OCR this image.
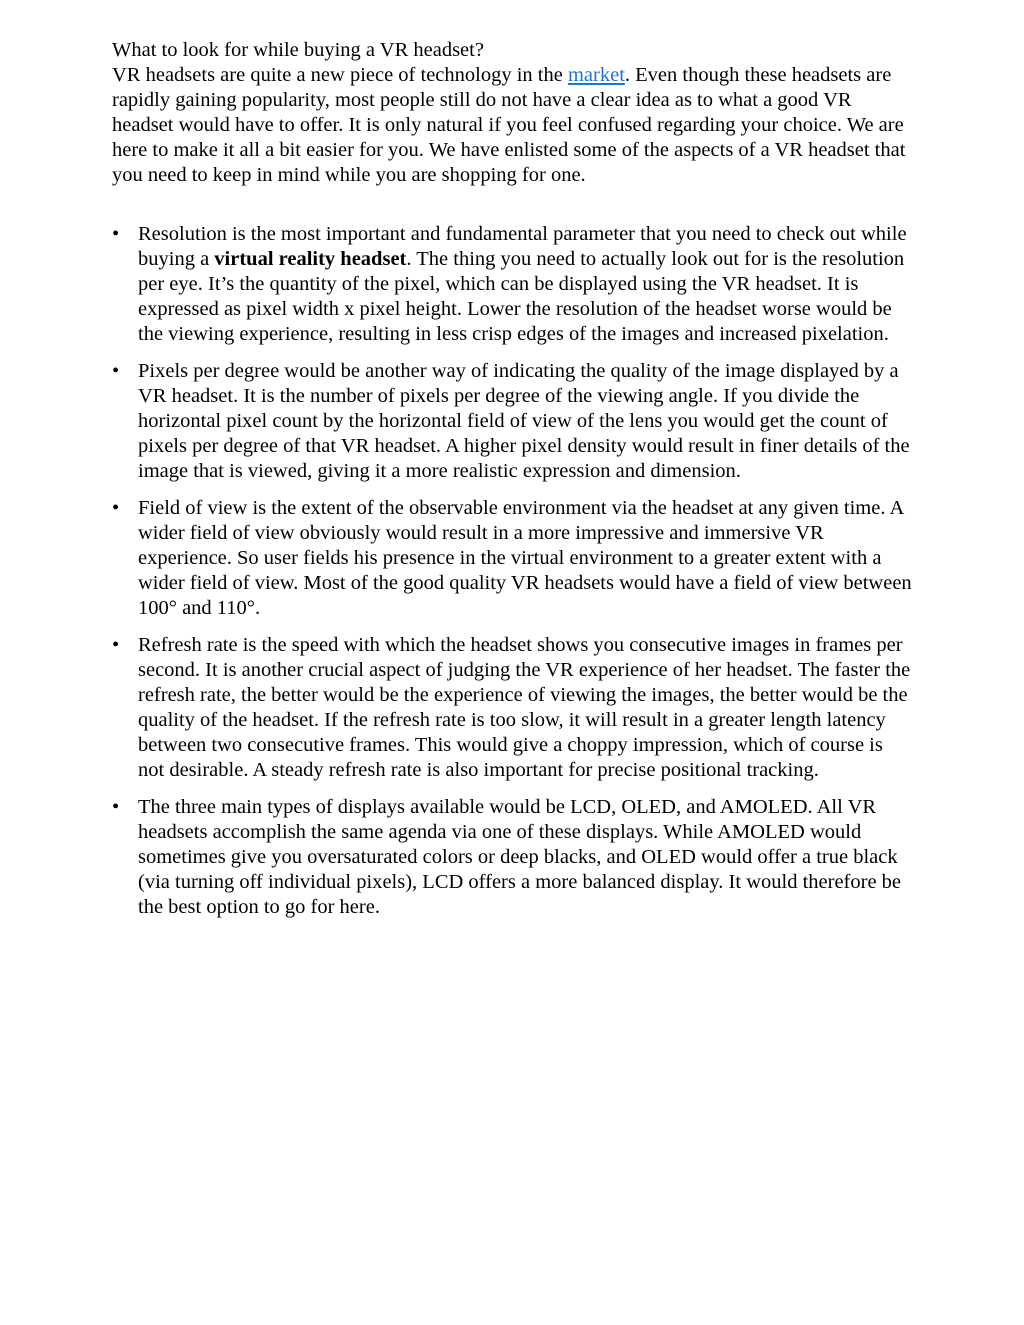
What to look for while buying a VR headset?

VR headsets are quite a new piece of technology in the market. Even though these headsets are rapidly gaining popularity, most people still do not have a clear idea as to what a good VR headset would have to offer. It is only natural if you feel confused regarding your choice. We are here to make it all a bit easier for you. We have enlisted some of the aspects of a VR headset that you need to keep in mind while you are shopping for one.

• Resolution is the most important and fundamental parameter that you need to check out while buying a virtual reality headset. The thing you need to actually look out for is the resolution per eye. It’s the quantity of the pixel, which can be displayed using the VR headset. It is expressed as pixel width x pixel height. Lower the resolution of the headset worse would be the viewing experience, resulting in less crisp edges of the images and increased pixelation.
• Pixels per degree would be another way of indicating the quality of the image displayed by a VR headset. It is the number of pixels per degree of the viewing angle. If you divide the horizontal pixel count by the horizontal field of view of the lens you would get the count of pixels per degree of that VR headset. A higher pixel density would result in finer details of the image that is viewed, giving it a more realistic expression and dimension.
• Field of view is the extent of the observable environment via the headset at any given time. A wider field of view obviously would result in a more impressive and immersive VR experience. So user fields his presence in the virtual environment to a greater extent with a wider field of view. Most of the good quality VR headsets would have a field of view between 100° and 110°.
• Refresh rate is the speed with which the headset shows you consecutive images in frames per second. It is another crucial aspect of judging the VR experience of her headset. The faster the refresh rate, the better would be the experience of viewing the images, the better would be the quality of the headset. If the refresh rate is too slow, it will result in a greater length latency between two consecutive frames. This would give a choppy impression, which of course is not desirable. A steady refresh rate is also important for precise positional tracking.
• The three main types of displays available would be LCD, OLED, and AMOLED. All VR headsets accomplish the same agenda via one of these displays. While AMOLED would sometimes give you oversaturated colors or deep blacks, and OLED would offer a true black (via turning off individual pixels), LCD offers a more balanced display. It would therefore be the best option to go for here.
